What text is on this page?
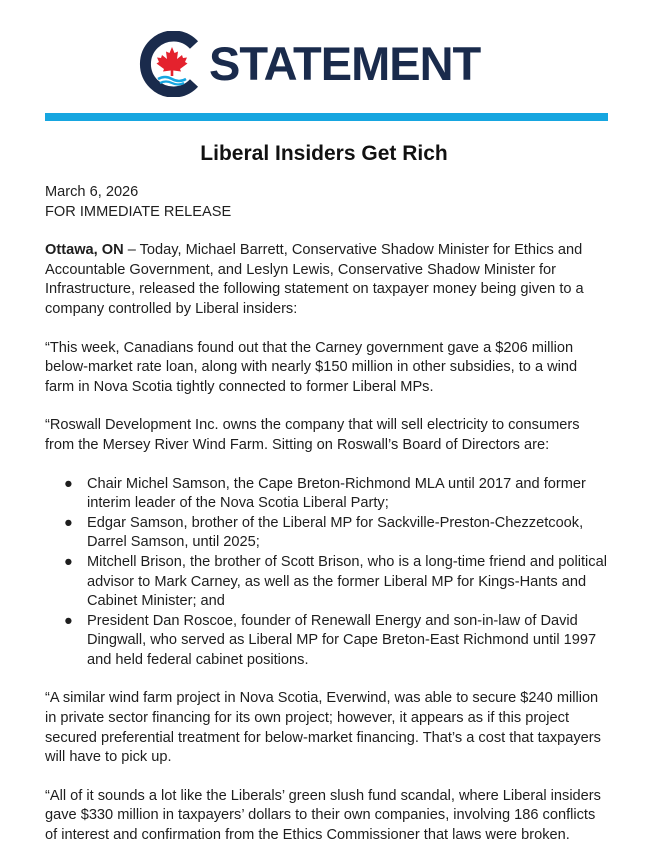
STATEMENT
Liberal Insiders Get Rich

March 6, 2026

FOR IMMEDIATE RELEASE

Ottawa, ON – Today, Michael Barrett, Conservative Shadow Minister for Ethics and Accountable Government, and Leslyn Lewis, Conservative Shadow Minister for Infrastructure, released the following statement on taxpayer money being given to a company controlled by Liberal insiders:

“This week, Canadians found out that the Carney government gave a $206 million below-market rate loan, along with nearly $150 million in other subsidies, to a wind farm in Nova Scotia tightly connected to former Liberal MPs.

“Roswall Development Inc. owns the company that will sell electricity to consumers from the Mersey River Wind Farm. Sitting on Roswall’s Board of Directors are:

● Chair Michel Samson, the Cape Breton-Richmond MLA until 2017 and former interim leader of the Nova Scotia Liberal Party;
● Edgar Samson, brother of the Liberal MP for Sackville-Preston-Chezzetcook, Darrel Samson, until 2025;
● Mitchell Brison, the brother of Scott Brison, who is a long-time friend and political advisor to Mark Carney, as well as the former Liberal MP for Kings-Hants and Cabinet Minister; and
● President Dan Roscoe, founder of Renewall Energy and son-in-law of David Dingwall, who served as Liberal MP for Cape Breton-East Richmond until 1997 and held federal cabinet positions.

“A similar wind farm project in Nova Scotia, Everwind, was able to secure $240 million in private sector financing for its own project; however, it appears as if this project secured preferential treatment for below-market financing. That’s a cost that taxpayers will have to pick up.

“All of it sounds a lot like the Liberals’ green slush fund scandal, where Liberal insiders gave $330 million in taxpayers’ dollars to their own companies, involving 186 conflicts of interest and confirmation from the Ethics Commissioner that laws were broken.
